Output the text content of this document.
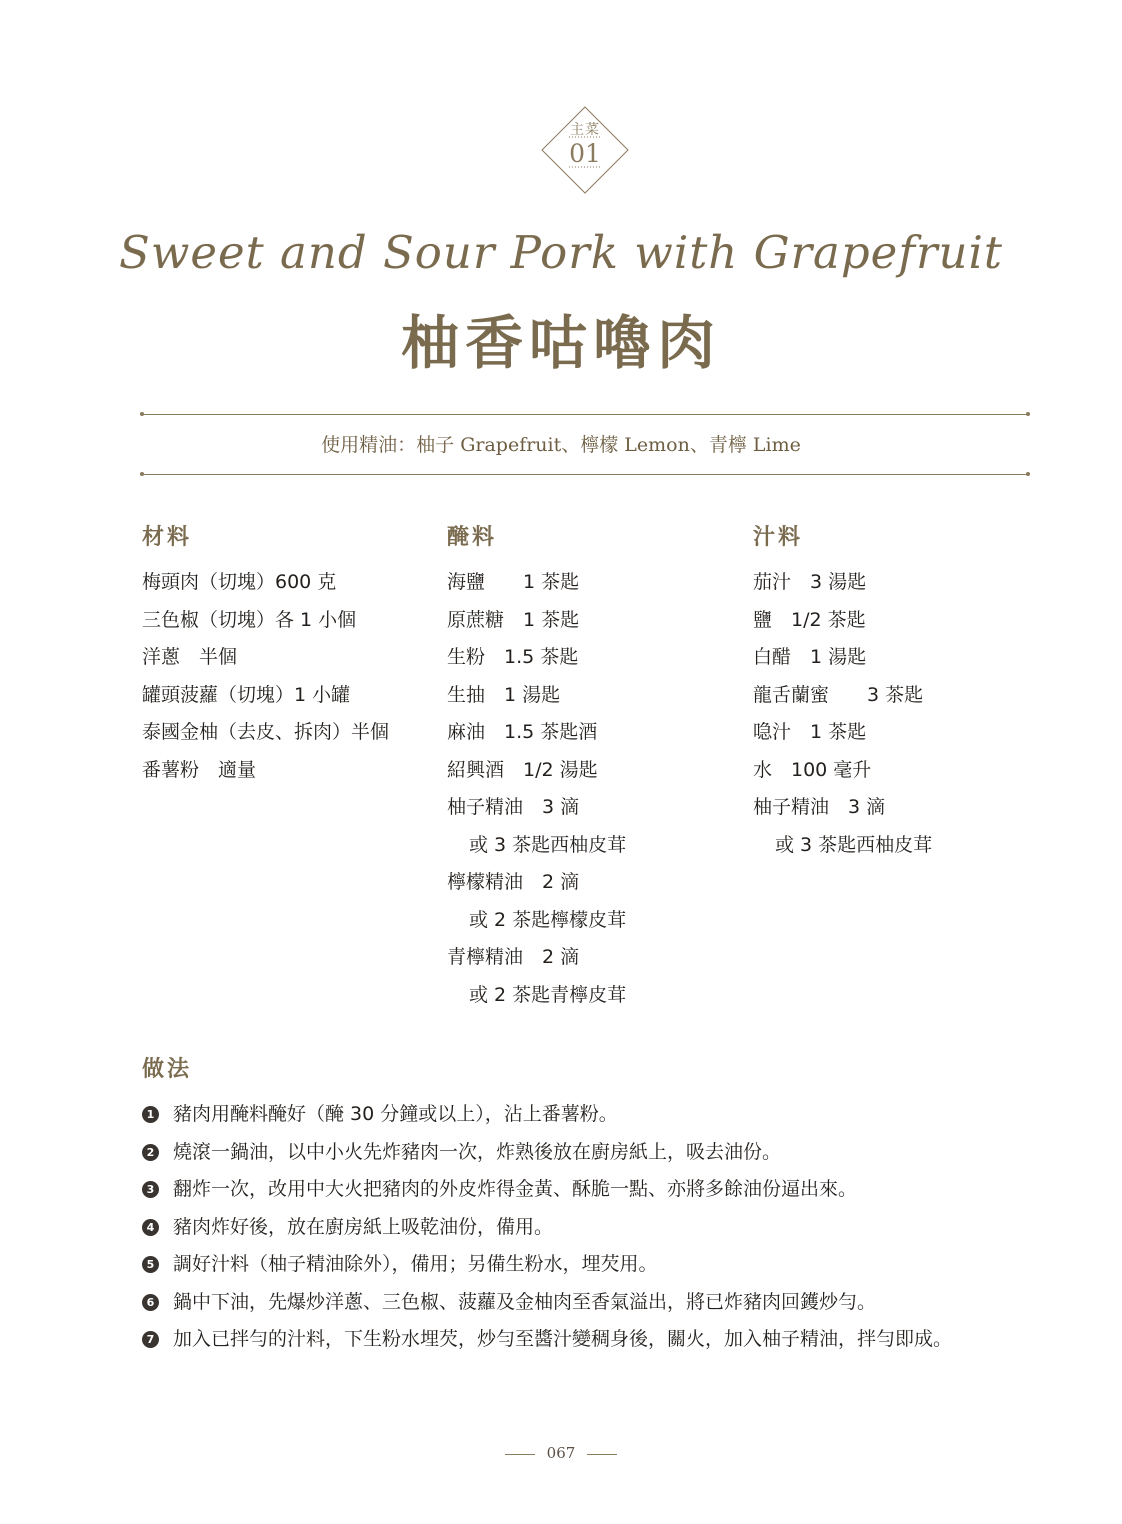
主菜
01
Sweet and Sour Pork with Grapefruit
柚香咕嚕肉
使用精油：柚子 Grapefruit、檸檬 Lemon、青檸 Lime
材料
梅頭肉（切塊）600 克
三色椒（切塊）各 1 小個
洋蔥　半個
罐頭菠蘿（切塊）1 小罐
泰國金柚（去皮、拆肉）半個
番薯粉　適量
醃料
海鹽　　1 茶匙
原蔗糖　1 茶匙
生粉　1.5 茶匙
生抽　1 湯匙
麻油　1.5 茶匙酒
紹興酒　1/2 湯匙
柚子精油　3 滴
或 3 茶匙西柚皮茸
檸檬精油　2 滴
或 2 茶匙檸檬皮茸
青檸精油　2 滴
或 2 茶匙青檸皮茸
汁料
茄汁　3 湯匙
鹽　1/2 茶匙
白醋　1 湯匙
龍舌蘭蜜　　3 茶匙
喼汁　1 茶匙
水　100 毫升
柚子精油　3 滴
或 3 茶匙西柚皮茸
做法
1 豬肉用醃料醃好（醃 30 分鐘或以上），沾上番薯粉。
2 燒滾一鍋油，以中小火先炸豬肉一次，炸熟後放在廚房紙上，吸去油份。
3 翻炸一次，改用中大火把豬肉的外皮炸得金黃、酥脆一點、亦將多餘油份逼出來。
4 豬肉炸好後，放在廚房紙上吸乾油份，備用。
5 調好汁料（柚子精油除外），備用；另備生粉水，埋芡用。
6 鍋中下油，先爆炒洋蔥、三色椒、菠蘿及金柚肉至香氣溢出，將已炸豬肉回鑊炒勻。
7 加入已拌勻的汁料，下生粉水埋芡，炒勻至醬汁變稠身後，關火，加入柚子精油，拌勻即成。
067
